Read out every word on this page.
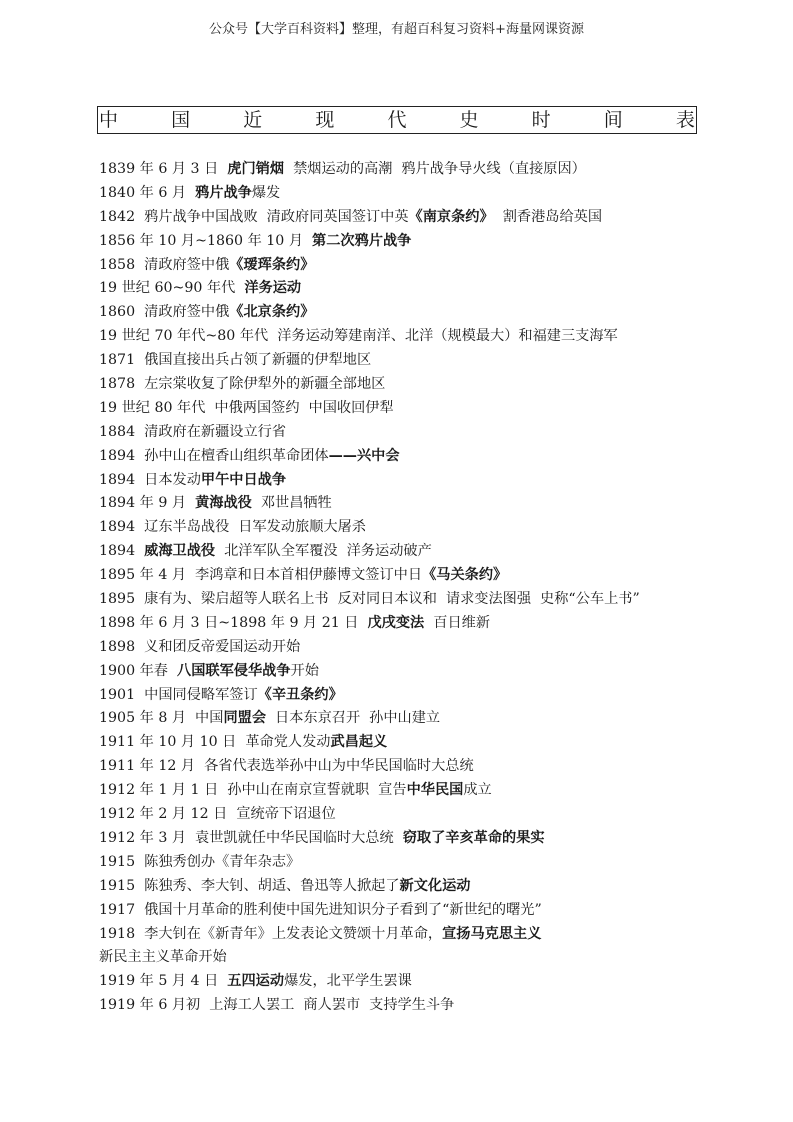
公众号【大学百科资料】整理，有超百科复习资料+海量网课资源
中	国	近	现	代	史	时	间	表
1839 年 6 月 3 日  虎门销烟  禁烟运动的高潮  鸦片战争导火线（直接原因）
1840 年 6 月  鸦片战争爆发
1842  鸦片战争中国战败  清政府同英国签订中英《南京条约》  割香港岛给英国
1856 年 10 月~1860 年 10 月  第二次鸦片战争
1858  清政府签中俄《瑷珲条约》
19 世纪 60~90 年代  洋务运动
1860  清政府签中俄《北京条约》
19 世纪 70 年代~80 年代  洋务运动筹建南洋、北洋（规模最大）和福建三支海军
1871  俄国直接出兵占领了新疆的伊犁地区
1878  左宗棠收复了除伊犁外的新疆全部地区
19 世纪 80 年代  中俄两国签约  中国收回伊犁
1884  清政府在新疆设立行省
1894  孙中山在檀香山组织革命团体——兴中会
1894  日本发动甲午中日战争
1894 年 9 月  黄海战役  邓世昌牺牲
1894  辽东半岛战役  日军发动旅顺大屠杀
1894  威海卫战役  北洋军队全军覆没  洋务运动破产
1895 年 4 月  李鸿章和日本首相伊藤博文签订中日《马关条约》
1895  康有为、梁启超等人联名上书  反对同日本议和  请求变法图强  史称“公车上书”
1898 年 6 月 3 日~1898 年 9 月 21 日  戊戌变法  百日维新
1898  义和团反帝爱国运动开始
1900 年春  八国联军侵华战争开始
1901  中国同侵略军签订《辛丑条约》
1905 年 8 月  中国同盟会  日本东京召开  孙中山建立
1911 年 10 月 10 日  革命党人发动武昌起义
1911 年 12 月  各省代表选举孙中山为中华民国临时大总统
1912 年 1 月 1 日  孙中山在南京宣誓就职  宣告中华民国成立
1912 年 2 月 12 日  宣统帝下诏退位
1912 年 3 月  袁世凯就任中华民国临时大总统  窃取了辛亥革命的果实
1915  陈独秀创办《青年杂志》
1915  陈独秀、李大钊、胡适、鲁迅等人掀起了新文化运动
1917  俄国十月革命的胜利使中国先进知识分子看到了“新世纪的曙光”
1918  李大钊在《新青年》上发表论文赞颂十月革命，宣扬马克思主义
新民主主义革命开始
1919 年 5 月 4 日  五四运动爆发，北平学生罢课
1919 年 6 月初  上海工人罢工  商人罢市  支持学生斗争
